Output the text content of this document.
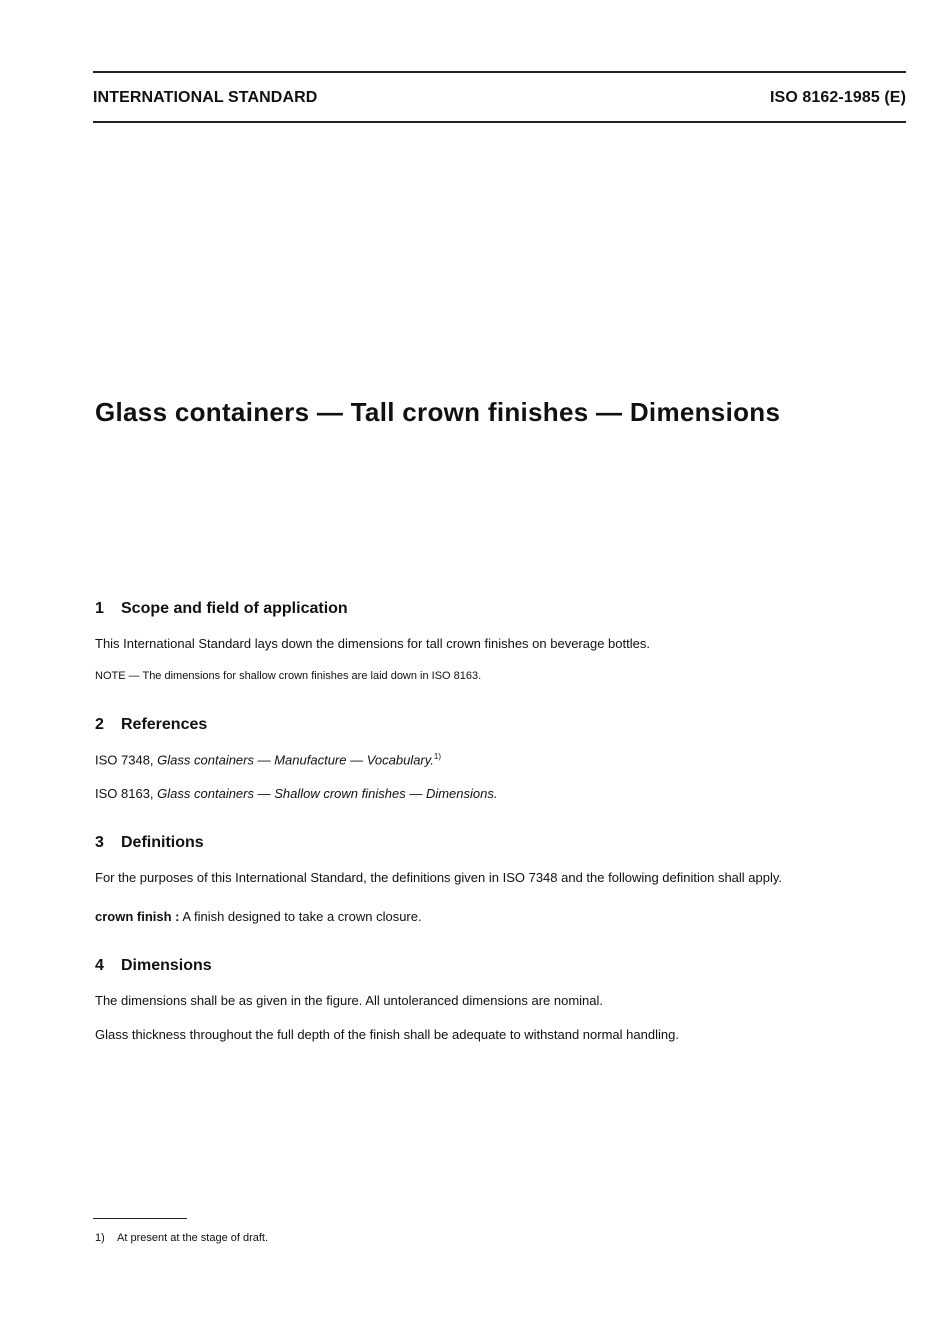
INTERNATIONAL STANDARD	ISO 8162-1985 (E)
Glass containers — Tall crown finishes — Dimensions
1 Scope and field of application
This International Standard lays down the dimensions for tall crown finishes on beverage bottles.
NOTE — The dimensions for shallow crown finishes are laid down in ISO 8163.
2 References
ISO 7348, Glass containers — Manufacture — Vocabulary.$^{1)}$
ISO 8163, Glass containers — Shallow crown finishes — Dimensions.
3 Definitions
For the purposes of this International Standard, the definitions given in ISO 7348 and the following definition shall apply.
crown finish : A finish designed to take a crown closure.
4 Dimensions
The dimensions shall be as given in the figure. All untoleranced dimensions are nominal.
Glass thickness throughout the full depth of the finish shall be adequate to withstand normal handling.
1) At present at the stage of draft.
